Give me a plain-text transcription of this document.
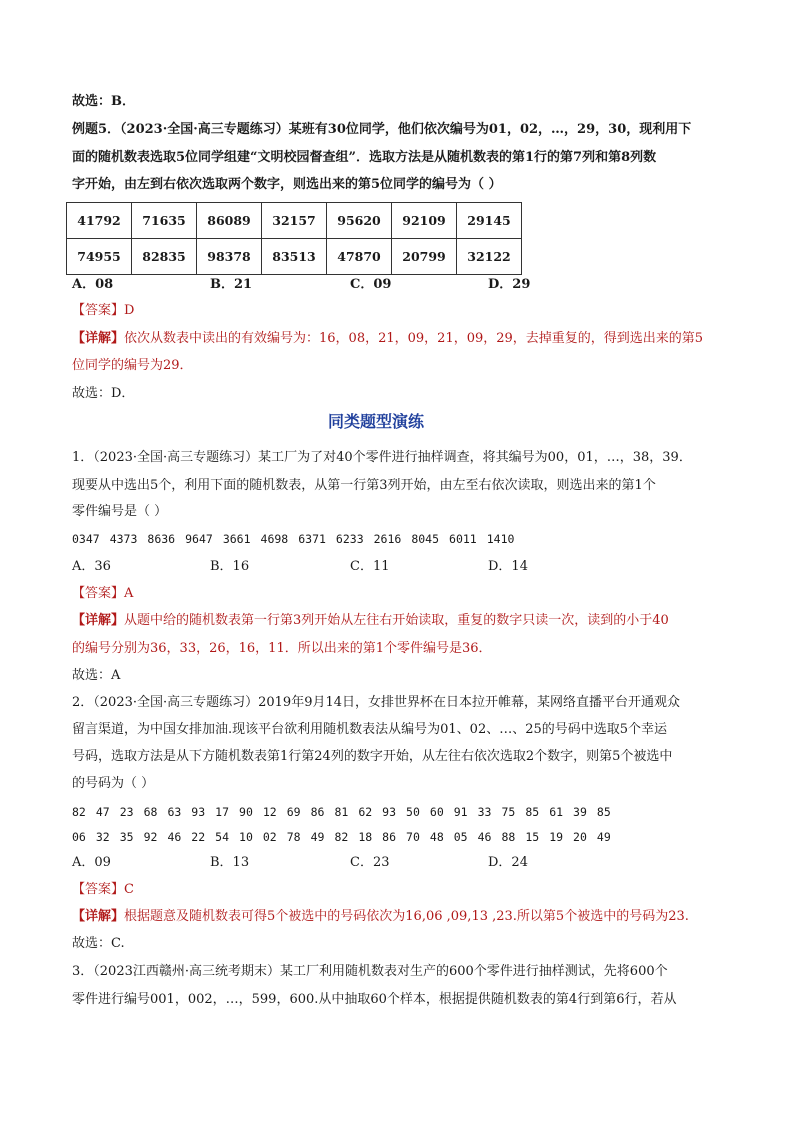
故选：B．
例题5．（2023·全国·高三专题练习）某班有30位同学，他们依次编号为01，02，…，29，30，现利用下
面的随机数表选取5位同学组建“文明校园督查组”．选取方法是从随机数表的第1行的第7列和第8列数
字开始，由左到右依次选取两个数字，则选出来的第5位同学的编号为（ ）
41792	71635	86089	32157	95620	92109	29145
74955	82835	98378	83513	47870	20799	32122
A．08	B．21	C．09	D．29
【答案】D
【详解】依次从数表中读出的有效编号为：16，08，21，09，21，09，29，去掉重复的，得到选出来的第5
位同学的编号为29．
故选：D．
同类题型演练
1．（2023·全国·高三专题练习）某工厂为了对40个零件进行抽样调查，将其编号为00，01，…，38，39．
现要从中选出5个，利用下面的随机数表，从第一行第3列开始，由左至右依次读取，则选出来的第1个
零件编号是（ ）
0347 4373 8636 9647 3661 4698 6371 6233 2616 8045 6011 1410
A．36	B．16	C．11	D．14
【答案】A
【详解】从题中给的随机数表第一行第3列开始从左往右开始读取，重复的数字只读一次，读到的小于40
的编号分别为36，33，26，16，11．所以出来的第1个零件编号是36．
故选：A
2．（2023·全国·高三专题练习）2019年9月14日，女排世界杯在日本拉开帷幕，某网络直播平台开通观众
留言渠道，为中国女排加油.现该平台欲利用随机数表法从编号为01、02、…、25的号码中选取5个幸运
号码，选取方法是从下方随机数表第1行第24列的数字开始，从左往右依次选取2个数字，则第5个被选中
的号码为（ ）
82 47 23 68 63 93 17 90 12 69 86 81 62 93 50 60 91 33 75 85 61 39 85
06 32 35 92 46 22 54 10 02 78 49 82 18 86 70 48 05 46 88 15 19 20 49
A．09	B．13	C．23	D．24
【答案】C
【详解】根据题意及随机数表可得5个被选中的号码依次为16,06 ,09,13 ,23.所以第5个被选中的号码为23.
故选：C.
3．（2023江西赣州·高三统考期末）某工厂利用随机数表对生产的600个零件进行抽样测试，先将600个
零件进行编号001，002，…，599，600.从中抽取60个样本，根据提供随机数表的第4行到第6行，若从
